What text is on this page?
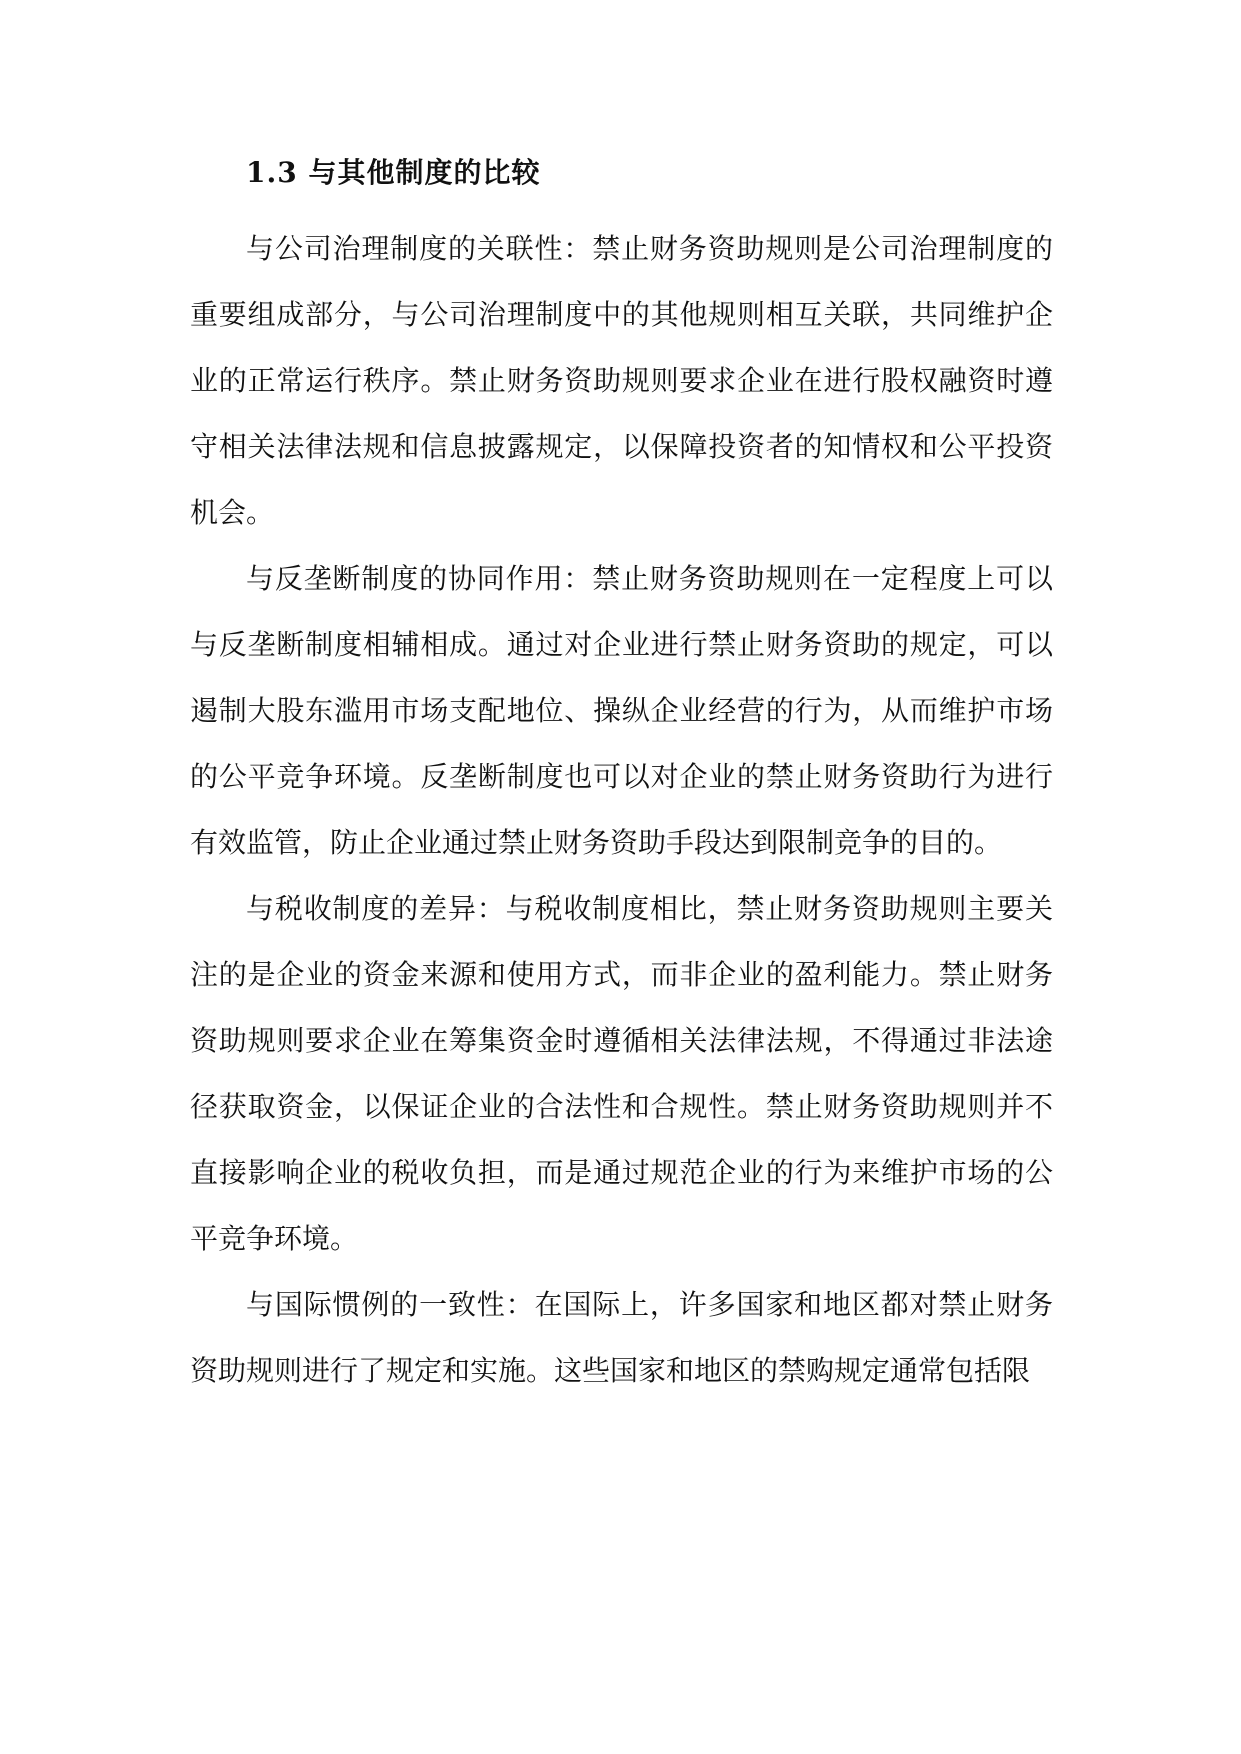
1.3 与其他制度的比较

与公司治理制度的关联性：禁止财务资助规则是公司治理制度的重要组成部分，与公司治理制度中的其他规则相互关联，共同维护企业的正常运行秩序。禁止财务资助规则要求企业在进行股权融资时遵守相关法律法规和信息披露规定，以保障投资者的知情权和公平投资机会。

与反垄断制度的协同作用：禁止财务资助规则在一定程度上可以与反垄断制度相辅相成。通过对企业进行禁止财务资助的规定，可以遏制大股东滥用市场支配地位、操纵企业经营的行为，从而维护市场的公平竞争环境。反垄断制度也可以对企业的禁止财务资助行为进行有效监管，防止企业通过禁止财务资助手段达到限制竞争的目的。

与税收制度的差异：与税收制度相比，禁止财务资助规则主要关注的是企业的资金来源和使用方式，而非企业的盈利能力。禁止财务资助规则要求企业在筹集资金时遵循相关法律法规，不得通过非法途径获取资金，以保证企业的合法性和合规性。禁止财务资助规则并不直接影响企业的税收负担，而是通过规范企业的行为来维护市场的公平竞争环境。

与国际惯例的一致性：在国际上，许多国家和地区都对禁止财务资助规则进行了规定和实施。这些国家和地区的禁购规定通常包括限
